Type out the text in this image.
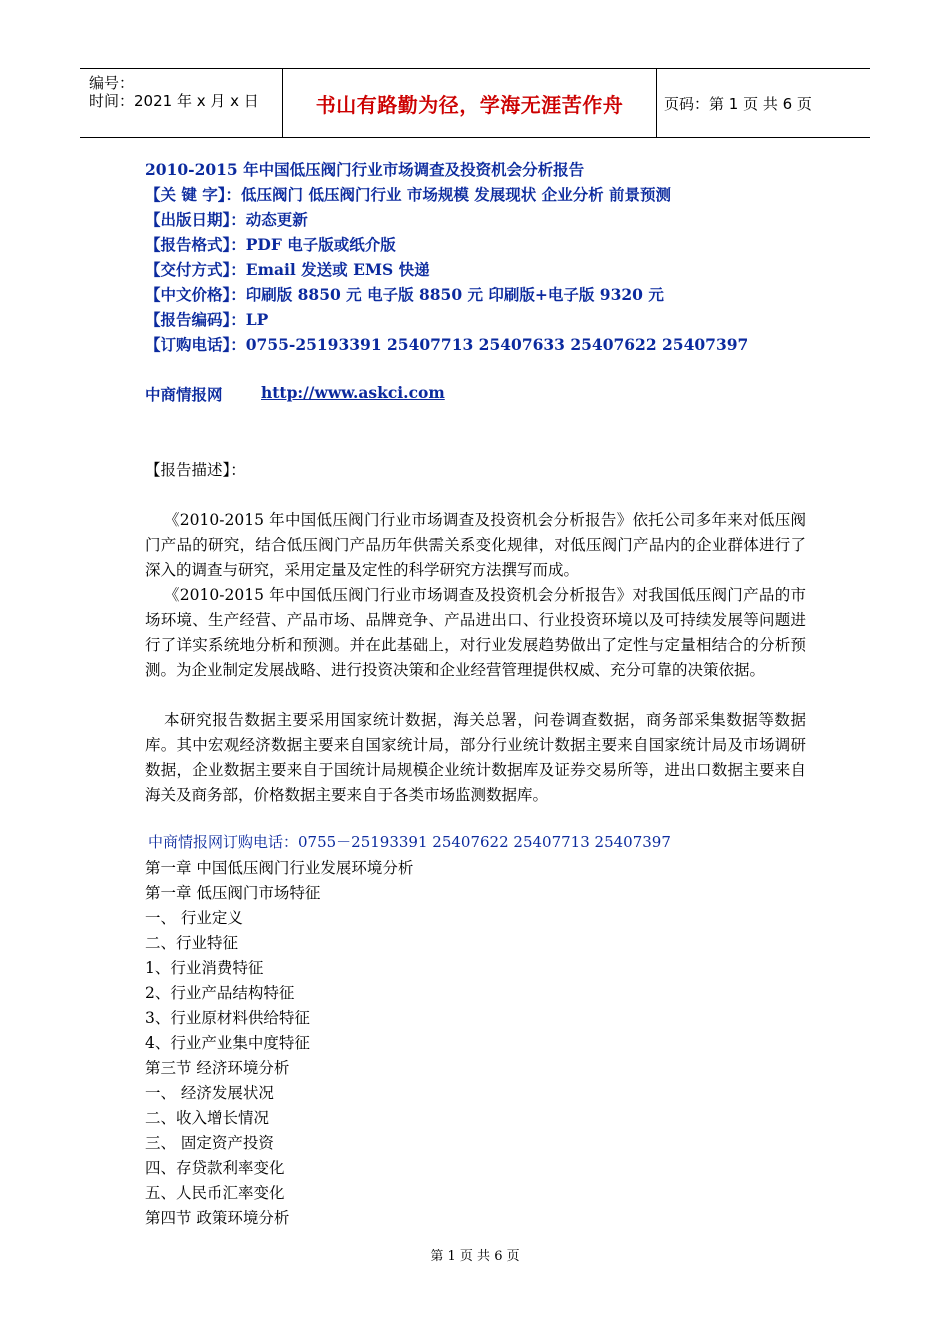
编号：
时间：2021 年 x 月 x 日	书山有路勤为径，学海无涯苦作舟	页码：第 1 页 共 6 页
2010-2015 年中国低压阀门行业市场调查及投资机会分析报告
【关 键 字】：低压阀门 低压阀门行业 市场规模 发展现状 企业分析 前景预测
【出版日期】：动态更新
【报告格式】：PDF 电子版或纸介版
【交付方式】：Email 发送或 EMS 快递
【中文价格】：印刷版 8850 元 电子版 8850 元 印刷版+电子版 9320 元
【报告编码】：LP
【订购电话】：0755-25193391 25407713 25407633 25407622 25407397
中商情报网 http://www.askci.com
【报告描述】：

《2010-2015 年中国低压阀门行业市场调查及投资机会分析报告》依托公司多年来对低压阀门产品的研究，结合低压阀门产品历年供需关系变化规律，对低压阀门产品内的企业群体进行了深入的调查与研究，采用定量及定性的科学研究方法撰写而成。

《2010-2015 年中国低压阀门行业市场调查及投资机会分析报告》对我国低压阀门产品的市场环境、生产经营、产品市场、品牌竞争、产品进出口、行业投资环境以及可持续发展等问题进行了详实系统地分析和预测。并在此基础上，对行业发展趋势做出了定性与定量相结合的分析预测。为企业制定发展战略、进行投资决策和企业经营管理提供权威、充分可靠的决策依据。

本研究报告数据主要采用国家统计数据，海关总署，问卷调查数据，商务部采集数据等数据库。其中宏观经济数据主要来自国家统计局，部分行业统计数据主要来自国家统计局及市场调研数据，企业数据主要来自于国统计局规模企业统计数据库及证券交易所等，进出口数据主要来自海关及商务部，价格数据主要来自于各类市场监测数据库。

中商情报网订购电话：0755－25193391 25407622 25407713 25407397
第一章 中国低压阀门行业发展环境分析
第一章 低压阀门市场特征
一、 行业定义
二、行业特征
1、行业消费特征
2、行业产品结构特征
3、行业原材料供给特征
4、行业产业集中度特征
第三节 经济环境分析
一、 经济发展状况
二、收入增长情况
三、 固定资产投资
四、存贷款利率变化
五、人民币汇率变化
第四节 政策环境分析
第 1 页 共 6 页
